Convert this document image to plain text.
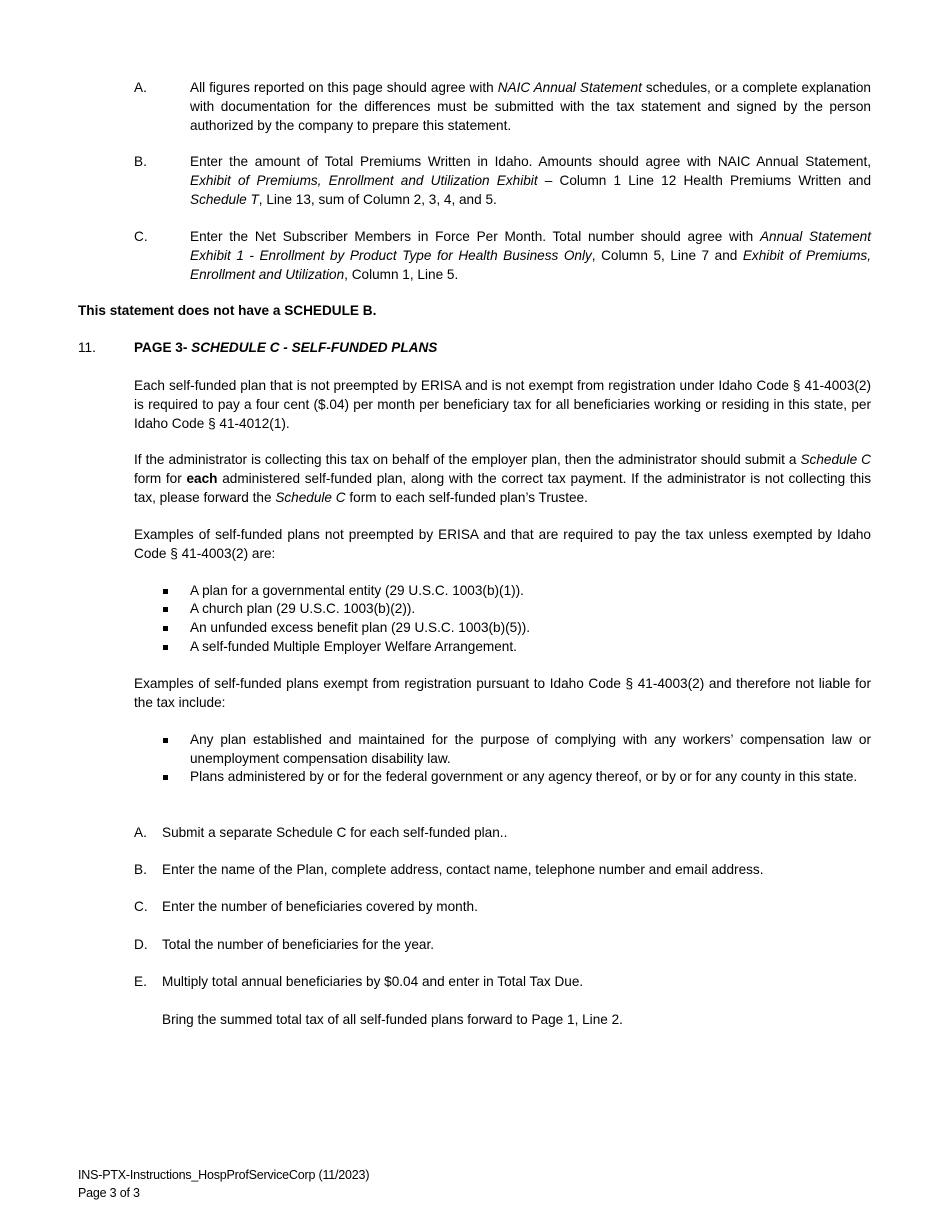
A.	All figures reported on this page should agree with NAIC Annual Statement schedules, or a complete explanation with documentation for the differences must be submitted with the tax statement and signed by the person authorized by the company to prepare this statement.
B.	Enter the amount of Total Premiums Written in Idaho. Amounts should agree with NAIC Annual Statement, Exhibit of Premiums, Enrollment and Utilization Exhibit – Column 1 Line 12 Health Premiums Written and Schedule T, Line 13, sum of Column 2, 3, 4, and 5.
C.	Enter the Net Subscriber Members in Force Per Month. Total number should agree with Annual Statement Exhibit 1 - Enrollment by Product Type for Health Business Only, Column 5, Line 7 and Exhibit of Premiums, Enrollment and Utilization, Column 1, Line 5.
This statement does not have a SCHEDULE B.
11.	PAGE 3- SCHEDULE C - SELF-FUNDED PLANS
Each self-funded plan that is not preempted by ERISA and is not exempt from registration under Idaho Code § 41-4003(2) is required to pay a four cent ($.04) per month per beneficiary tax for all beneficiaries working or residing in this state, per Idaho Code § 41-4012(1).
If the administrator is collecting this tax on behalf of the employer plan, then the administrator should submit a Schedule C form for each administered self-funded plan, along with the correct tax payment. If the administrator is not collecting this tax, please forward the Schedule C form to each self-funded plan’s Trustee.
Examples of self-funded plans not preempted by ERISA and that are required to pay the tax unless exempted by Idaho Code § 41-4003(2) are:
A plan for a governmental entity (29 U.S.C. 1003(b)(1)).
A church plan (29 U.S.C. 1003(b)(2)).
An unfunded excess benefit plan (29 U.S.C. 1003(b)(5)).
A self-funded Multiple Employer Welfare Arrangement.
Examples of self-funded plans exempt from registration pursuant to Idaho Code § 41-4003(2) and therefore not liable for the tax include:
Any plan established and maintained for the purpose of complying with any workers’ compensation law or unemployment compensation disability law.
Plans administered by or for the federal government or any agency thereof, or by or for any county in this state.
A. Submit a separate Schedule C for each self-funded plan..
B. Enter the name of the Plan, complete address, contact name, telephone number and email address.
C. Enter the number of beneficiaries covered by month.
D. Total the number of beneficiaries for the year.
E. Multiply total annual beneficiaries by $0.04 and enter in Total Tax Due.
Bring the summed total tax of all self-funded plans forward to Page 1, Line 2.
INS-PTX-Instructions_HospProfServiceCorp (11/2023)
Page 3 of 3
